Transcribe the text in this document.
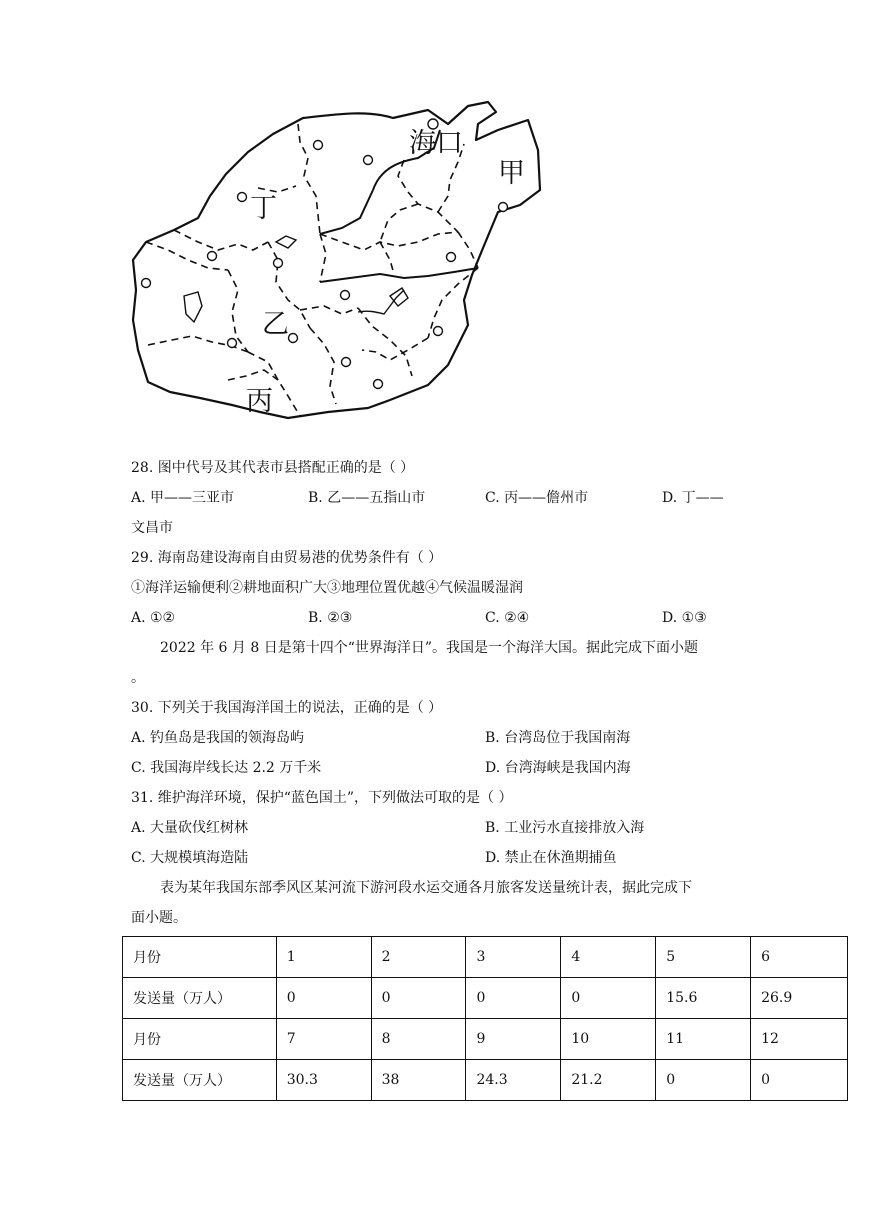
海口
甲
丁
乙
丙
28. 图中代号及其代表市县搭配正确的是（ ）
A. 甲——三亚市	B. 乙——五指山市	C. 丙——儋州市	D. 丁——
文昌市
29. 海南岛建设海南自由贸易港的优势条件有（ ）
①海洋运输便利②耕地面积广大③地理位置优越④气候温暖湿润
A. ①②	B. ②③	C. ②④	D. ①③
2022 年 6 月 8 日是第十四个“世界海洋日”。我国是一个海洋大国。据此完成下面小题
。
30. 下列关于我国海洋国土的说法，正确的是（ ）
A. 钓鱼岛是我国的领海岛屿	B. 台湾岛位于我国南海
C. 我国海岸线长达 2.2 万千米	D. 台湾海峡是我国内海
31. 维护海洋环境，保护“蓝色国土”，下列做法可取的是（ ）
A. 大量砍伐红树林	B. 工业污水直接排放入海
C. 大规模填海造陆	D. 禁止在休渔期捕鱼
表为某年我国东部季风区某河流下游河段水运交通各月旅客发送量统计表，据此完成下
面小题。
月份	1	2	3	4	5	6
发送量（万人）	0	0	0	0	15.6	26.9
月份	7	8	9	10	11	12
发送量（万人）	30.3	38	24.3	21.2	0	0
